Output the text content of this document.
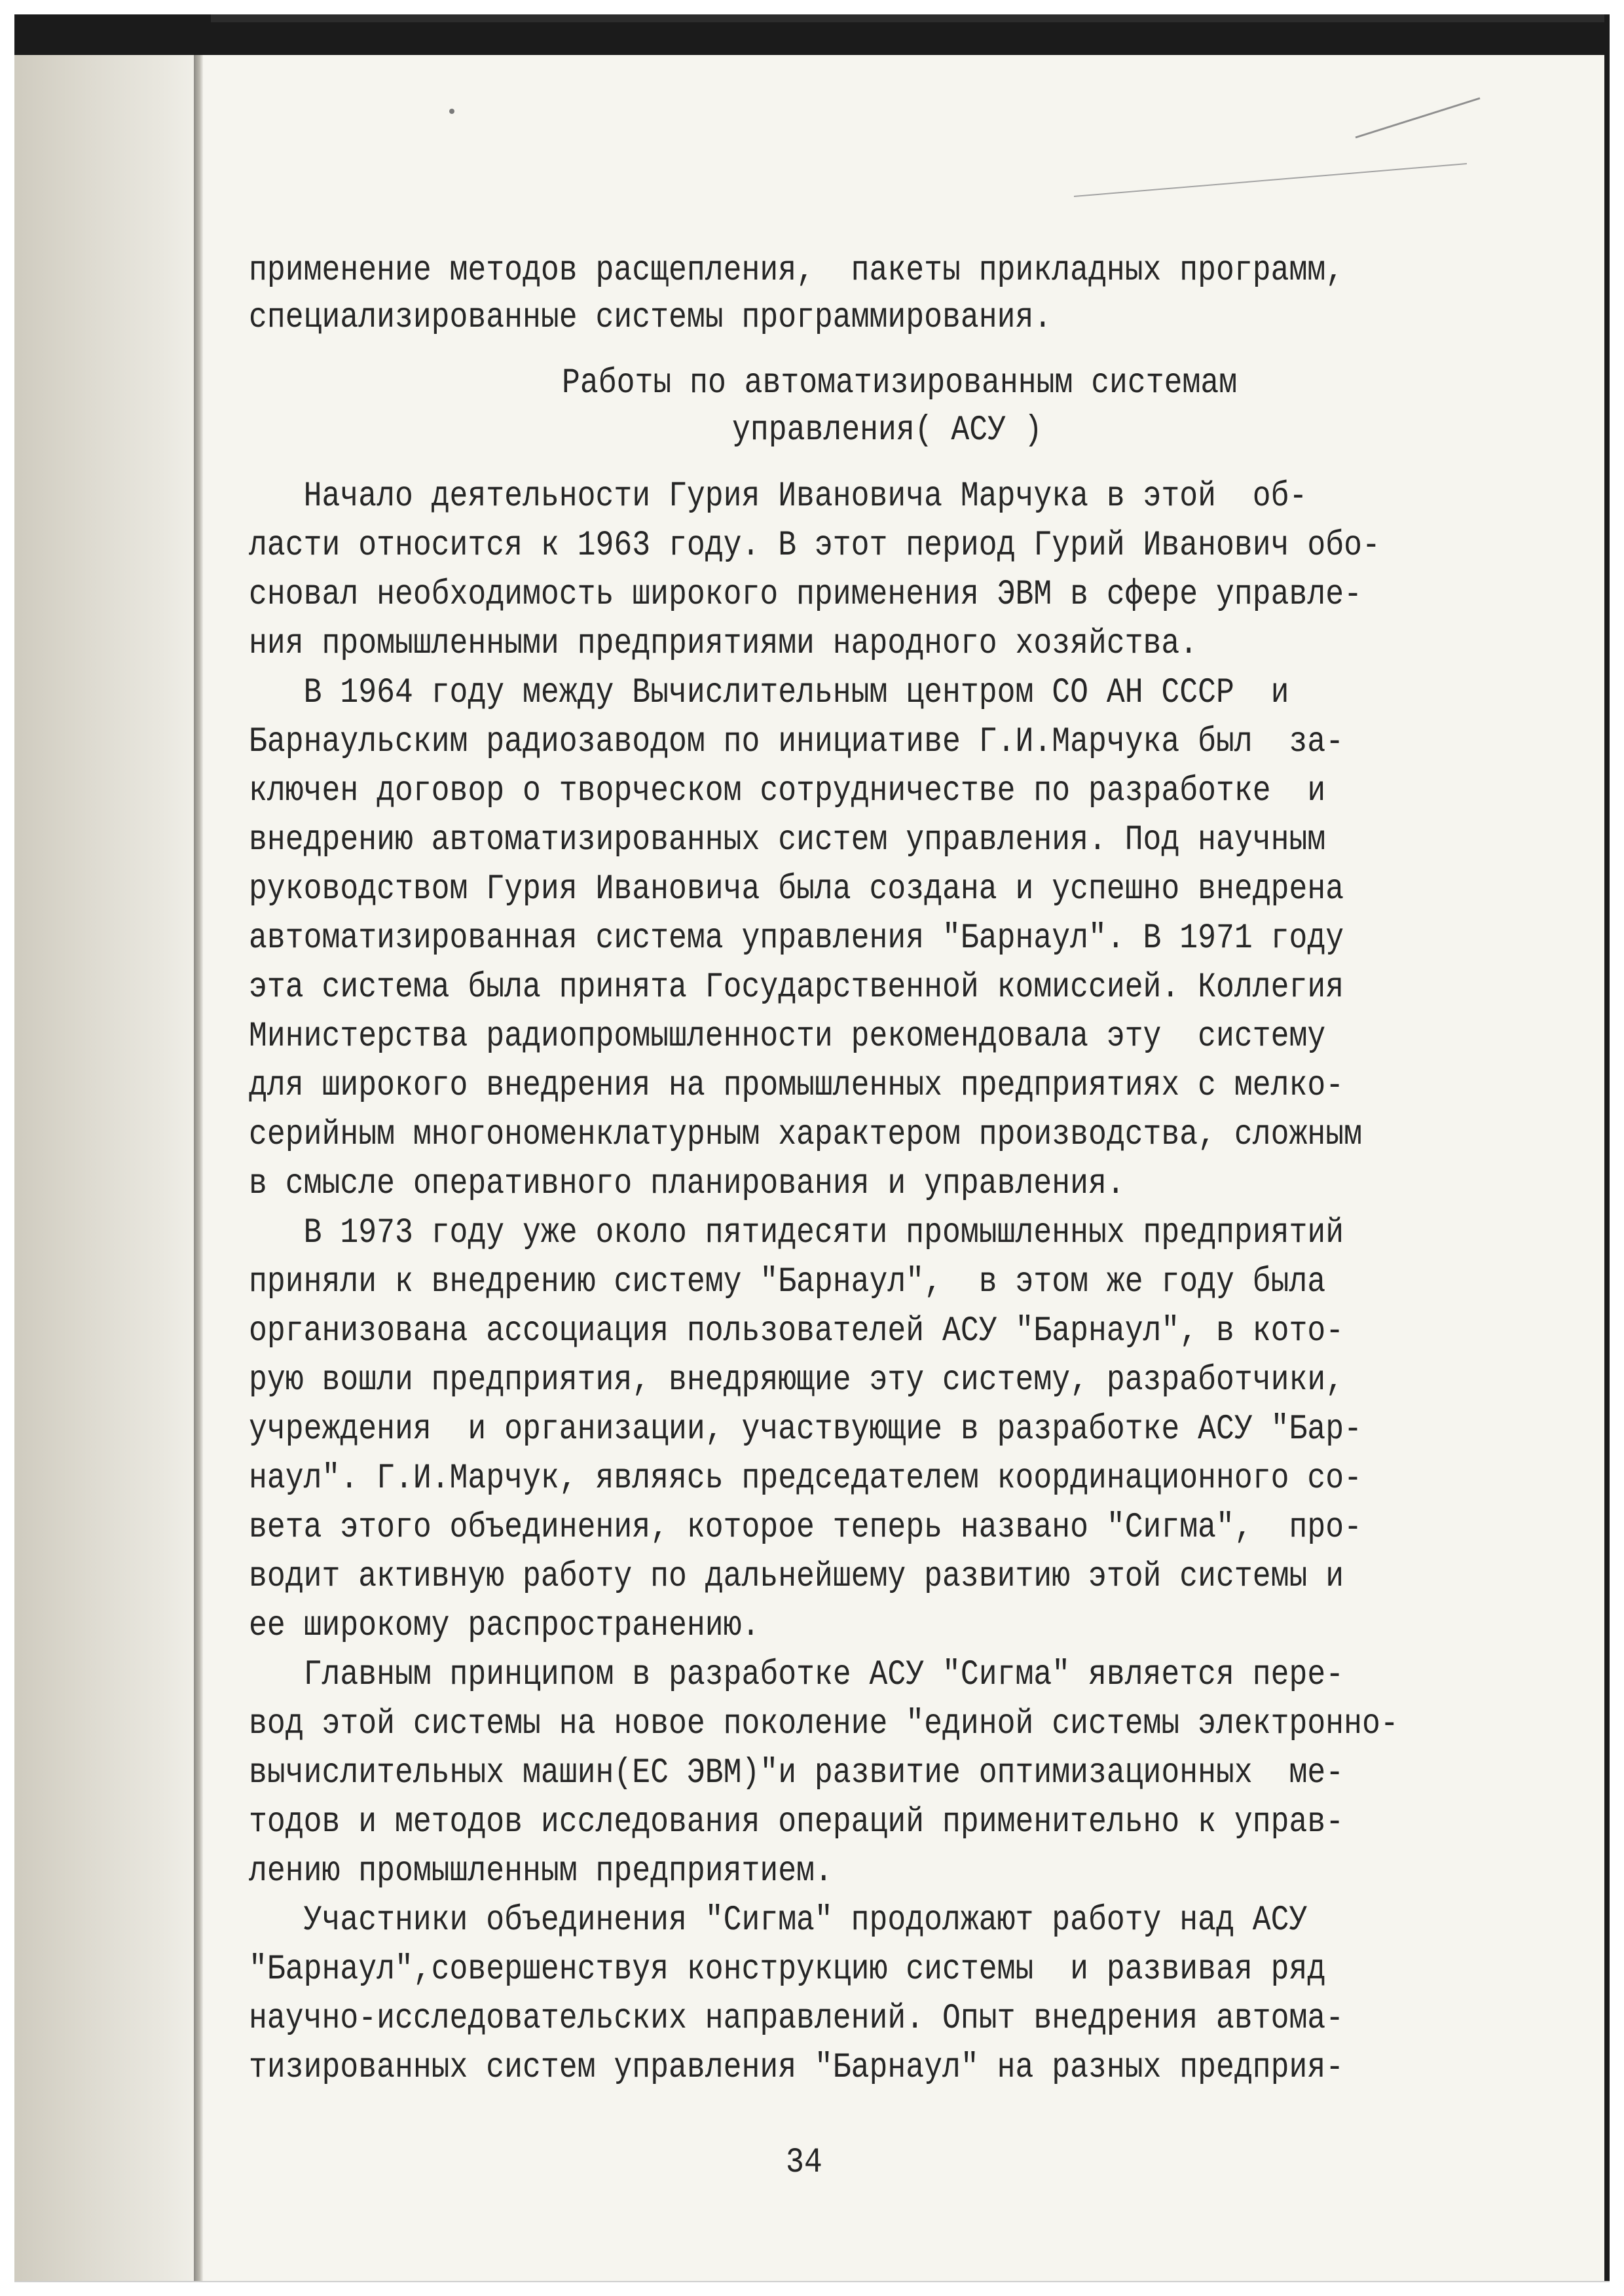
применение методов расщепления,  пакеты прикладных программ,

специализированные системы программирования.

Работы по автоматизированным системам

управления( АСУ )

Начало деятельности Гурия Ивановича Марчука в этой  об-

ласти относится к 1963 году. В этот период Гурий Иванович обо-

сновал необходимость широкого применения ЭВМ в сфере управле-

ния промышленными предприятиями народного хозяйства.

В 1964 году между Вычислительным центром СО АН СССР  и

Барнаульским радиозаводом по инициативе Г.И.Марчука был  за-

ключен договор о творческом сотрудничестве по разработке  и

внедрению автоматизированных систем управления. Под научным

руководством Гурия Ивановича была создана и успешно внедрена

автоматизированная система управления "Барнаул". В 1971 году

эта система была принята Государственной комиссией. Коллегия

Министерства радиопромышленности рекомендовала эту  систему

для широкого внедрения на промышленных предприятиях с мелко-

серийным многономенклатурным характером производства, сложным

в смысле оперативного планирования и управления.

В 1973 году уже около пятидесяти промышленных предприятий

приняли к внедрению систему "Барнаул",  в этом же году была

организована ассоциация пользователей АСУ "Барнаул", в кото-

рую вошли предприятия, внедряющие эту систему, разработчики,

учреждения  и организации, участвующие в разработке АСУ "Бар-

наул". Г.И.Марчук, являясь председателем координационного со-

вета этого объединения, которое теперь названо "Сигма",  про-

водит активную работу по дальнейшему развитию этой системы и

ее широкому распространению.

Главным принципом в разработке АСУ "Сигма" является пере-

вод этой системы на новое поколение "единой системы электронно-

вычислительных машин(ЕС ЭВМ)"и развитие оптимизационных  ме-

тодов и методов исследования операций применительно к управ-

лению промышленным предприятием.

Участники объединения "Сигма" продолжают работу над АСУ

"Барнаул",совершенствуя конструкцию системы  и развивая ряд

научно-исследовательских направлений. Опыт внедрения автома-

тизированных систем управления "Барнаул" на разных предприя-

34
